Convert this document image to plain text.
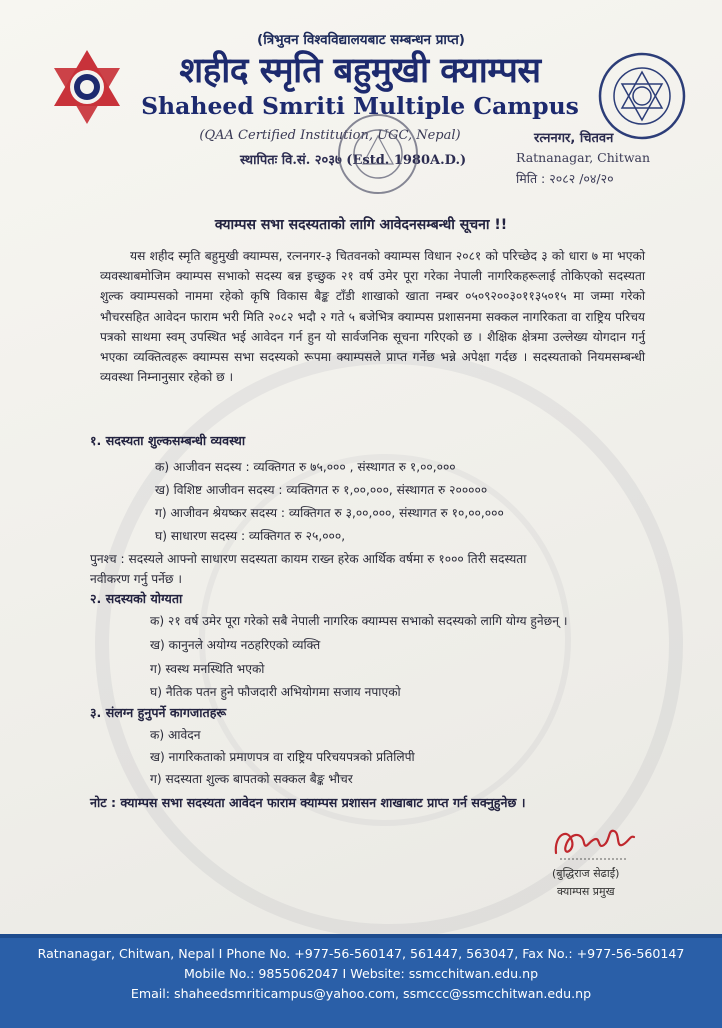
(त्रिभुवन विश्वविद्यालयबाट सम्बन्धन प्राप्त)
शहीद स्मृति बहुमुखी क्याम्पस
Shaheed Smriti Multiple Campus
(QAA Certified Institution, UGC, Nepal)
स्थापितः वि.सं. २०३७ (Estd. 1980A.D.)
रत्ननगर, चितवन
Ratnanagar, Chitwan
मिति : २०८२ /०४/२०
क्याम्पस सभा सदस्यताको लागि आवेदनसम्बन्धी सूचना !!

यस शहीद स्मृति बहुमुखी क्याम्पस, रत्ननगर-३ चितवनको क्याम्पस विधान २०८१ को परिच्छेद ३ को धारा ७ मा भएको व्यवस्थाबमोजिम क्याम्पस सभाको सदस्य बन्न इच्छुक २१ वर्ष उमेर पूरा गरेका नेपाली नागरिकहरूलाई तोकिएको सदस्यता शुल्क क्याम्पसको नाममा रहेको कृषि विकास बैङ्क टाँडी शाखाको खाता नम्बर ०५०९२००३०११३५०१५ मा जम्मा गरेको भौचरसहित आवेदन फाराम भरी मिति २०८२ भदौ २ गते ५ बजेभित्र क्याम्पस प्रशासनमा सक्कल नागरिकता वा राष्ट्रिय परिचय पत्रको साथमा स्वम् उपस्थित भई आवेदन गर्न हुन यो सार्वजनिक सूचना गरिएको छ । शैक्षिक क्षेत्रमा उल्लेख्य योगदान गर्नु भएका व्यक्तित्वहरू क्याम्पस सभा सदस्यको रूपमा क्याम्पसले प्राप्त गर्नेछ भन्ने अपेक्षा गर्दछ । सदस्यताको नियमसम्बन्धी व्यवस्था निम्नानुसार रहेको छ ।

१. सदस्यता शुल्कसम्बन्धी व्यवस्था
क) आजीवन सदस्य : व्यक्तिगत रु ७५,००० , संस्थागत रु १,००,०००
ख) विशिष्ट आजीवन सदस्य : व्यक्तिगत रु १,००,०००, संस्थागत रु २०००००
ग) आजीवन श्रेयष्कर सदस्य : व्यक्तिगत रु ३,००,०००, संस्थागत रु १०,००,०००
घ) साधारण सदस्य : व्यक्तिगत रु २५,०००,
पुनश्च : सदस्यले आफ्नो साधारण सदस्यता कायम राख्न हरेक आर्थिक वर्षमा रु १००० तिरी सदस्यता
नवीकरण गर्नु पर्नेछ ।
२. सदस्यको योग्यता
क) २१ वर्ष उमेर पूरा गरेको सबै नेपाली नागरिक क्याम्पस सभाको सदस्यको लागि योग्य हुनेछन् ।
ख) कानुनले अयोग्य नठहरिएको व्यक्ति
ग) स्वस्थ मनस्थिति भएको
घ) नैतिक पतन हुने फौजदारी अभियोगमा सजाय नपाएको
३. संलग्न हुनुपर्ने कागजातहरू
क) आवेदन
ख) नागरिकताको प्रमाणपत्र वा राष्ट्रिय परिचयपत्रको प्रतिलिपी
ग) सदस्यता शुल्क बापतको सक्कल बैङ्क भौचर
नोट : क्याम्पस सभा सदस्यता आवेदन फाराम क्याम्पस प्रशासन शाखाबाट प्राप्त गर्न सक्नुहुनेछ ।
(बुद्धिराज सेढाईं)
क्याम्पस प्रमुख
Ratnanagar, Chitwan, Nepal I Phone No. +977-56-560147, 561447, 563047, Fax No.: +977-56-560147
Mobile No.: 9855062047 I Website: ssmcchitwan.edu.np
Email: shaheedsmriticampus@yahoo.com, ssmccc@ssmcchitwan.edu.np
